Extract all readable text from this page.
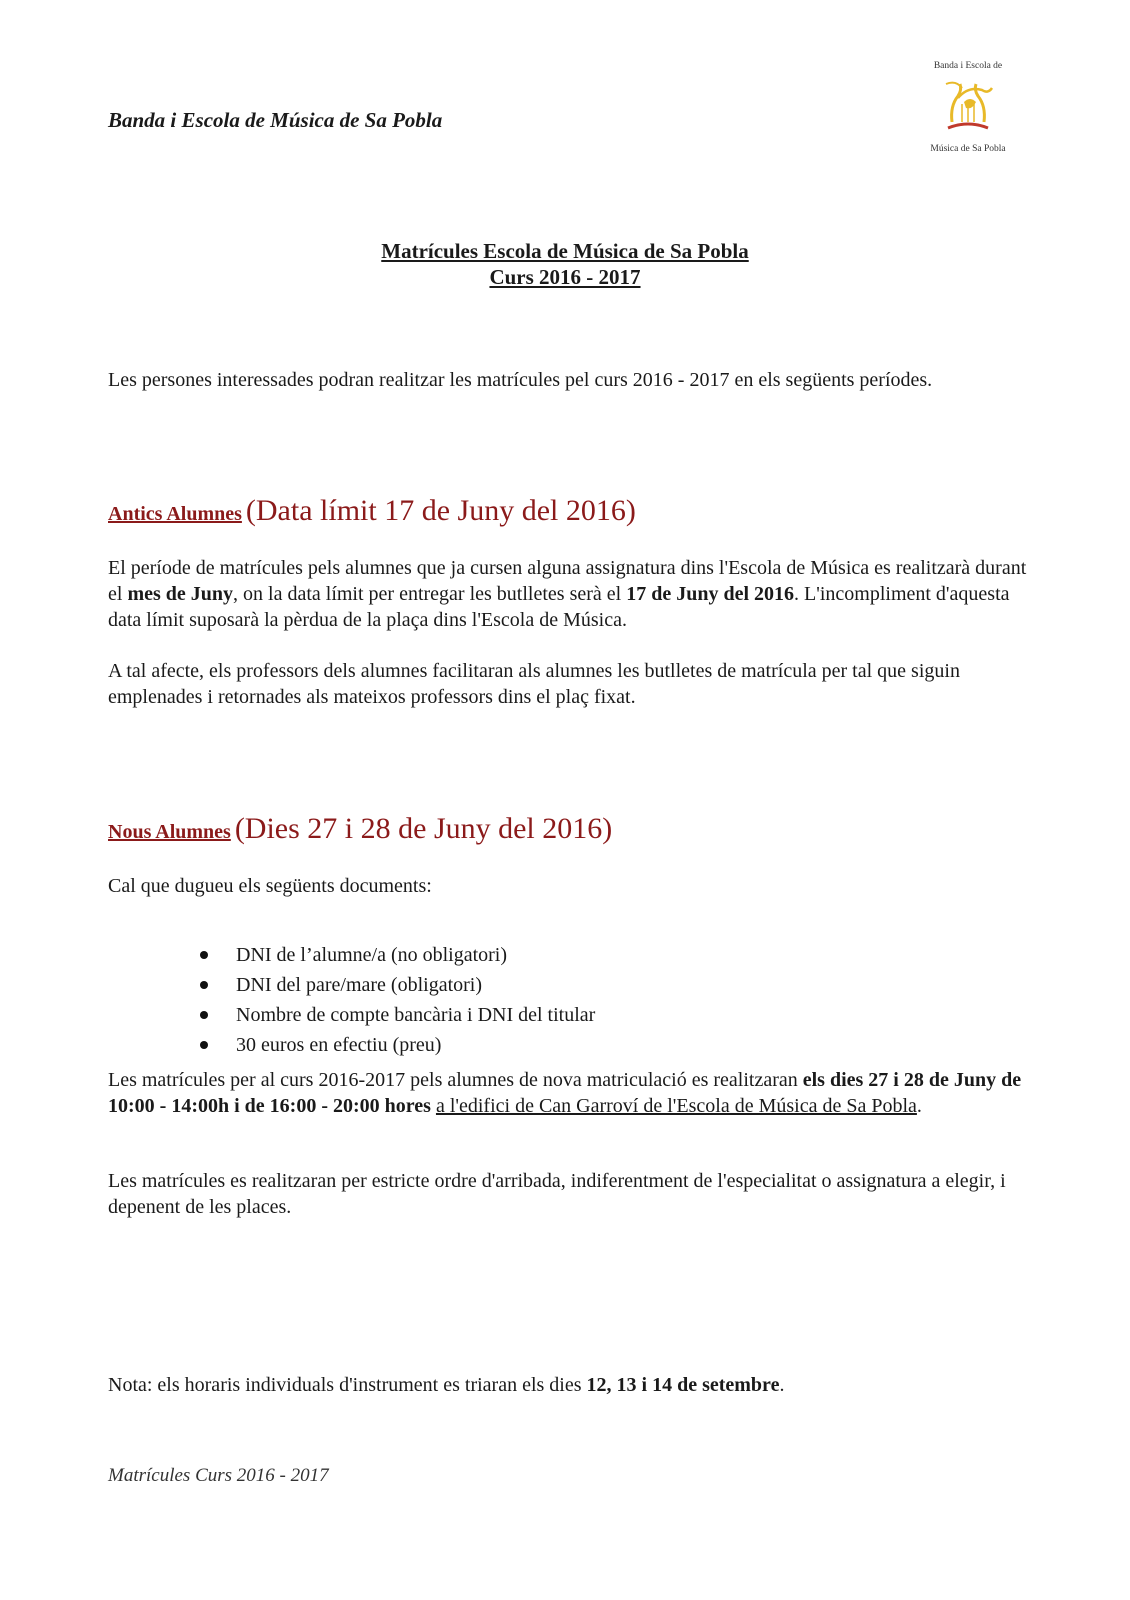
Banda i Escola de Música de Sa Pobla
Banda i Escola de
Música de Sa Pobla
Matrícules Escola de Música de Sa Pobla
Curs 2016 - 2017
Les persones interessades podran realitzar les matrícules pel curs 2016 - 2017 en els següents períodes.
Antics Alumnes (Data límit 17 de Juny del 2016)
El període de matrícules pels alumnes que ja cursen alguna assignatura dins l'Escola de Música es realitzarà durant el mes de Juny, on la data límit per entregar les butlletes serà el 17 de Juny del 2016. L'incompliment d'aquesta data límit suposarà la pèrdua de la plaça dins l'Escola de Música.
A tal afecte, els professors dels alumnes facilitaran als alumnes les butlletes de matrícula per tal que siguin emplenades i retornades als mateixos professors dins el plaç fixat.
Nous Alumnes (Dies 27 i 28 de Juny del 2016)
Cal que dugueu els següents documents:
DNI de l’alumne/a (no obligatori)
DNI del pare/mare (obligatori)
Nombre de compte bancària i DNI del titular
30 euros en efectiu (preu)
Les matrícules per al curs 2016-2017 pels alumnes de nova matriculació es realitzaran els dies 27 i 28 de Juny de 10:00 - 14:00h i de 16:00 - 20:00 hores a l'edifici de Can Garroví de l'Escola de Música de Sa Pobla.
Les matrícules es realitzaran per estricte ordre d'arribada, indiferentment de l'especialitat o assignatura a elegir, i depenent de les places.
Nota: els horaris individuals d'instrument es triaran els dies 12, 13 i 14 de setembre.
Matrícules Curs 2016 - 2017
